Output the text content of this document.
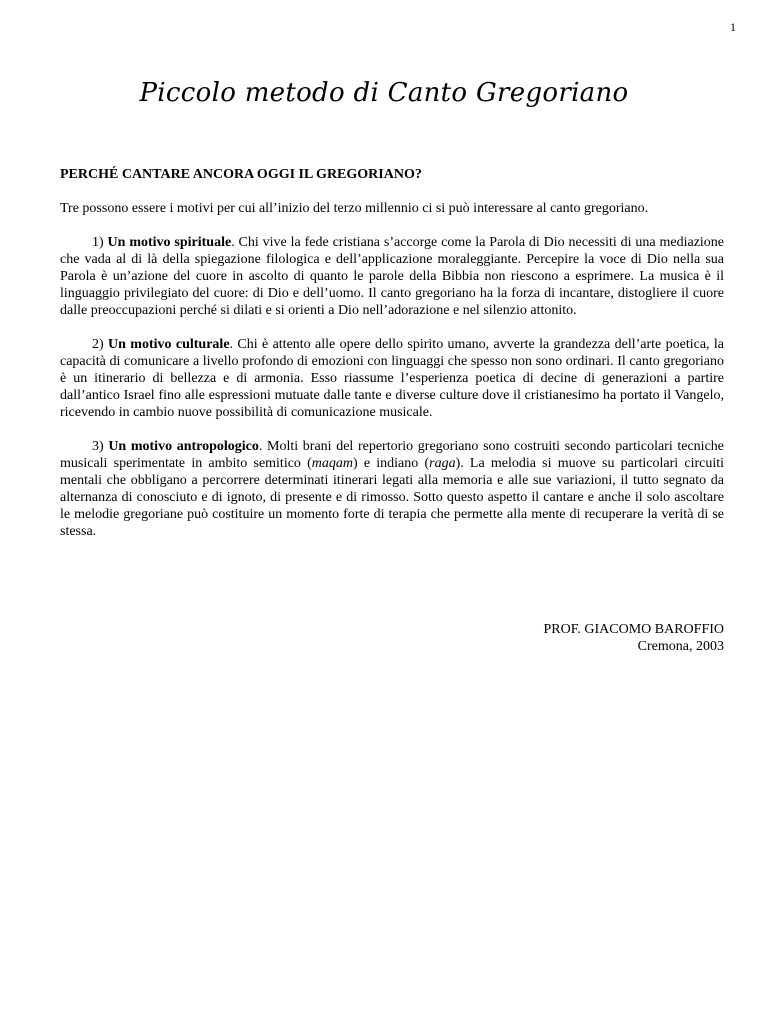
1
Piccolo metodo di Canto Gregoriano

PERCHÉ CANTARE ANCORA OGGI IL GREGORIANO?

Tre possono essere i motivi per cui all’inizio del terzo millennio ci si può interessare al canto gregoriano.

1) Un motivo spirituale. Chi vive la fede cristiana s’accorge come la Parola di Dio necessiti di una mediazione che vada al di là della spiegazione filologica e dell’applicazione moraleggiante. Percepire la voce di Dio nella sua Parola è un’azione del cuore in ascolto di quanto le parole della Bibbia non riescono a esprimere. La musica è il linguaggio privilegiato del cuore: di Dio e dell’uomo. Il canto gregoriano ha la forza di incantare, distogliere il cuore dalle preoccupazioni perché si dilati e si orienti a Dio nell’adorazione e nel silenzio attonito.

2) Un motivo culturale. Chi è attento alle opere dello spirito umano, avverte la grandezza dell’arte poetica, la capacità di comunicare a livello profondo di emozioni con linguaggi che spesso non sono ordinari. Il canto gregoriano è un itinerario di bellezza e di armonia. Esso riassume l’esperienza poetica di decine di generazioni a partire dall’antico Israel fino alle espressioni mutuate dalle tante e diverse culture dove il cristianesimo ha portato il Vangelo, ricevendo in cambio nuove possibilità di comunicazione musicale.

3) Un motivo antropologico. Molti brani del repertorio gregoriano sono costruiti secondo particolari tecniche musicali sperimentate in ambito semitico (maqam) e indiano (raga). La melodia si muove su particolari circuiti mentali che obbligano a percorrere determinati itinerari legati alla memoria e alle sue variazioni, il tutto segnato da alternanza di conosciuto e di ignoto, di presente e di rimosso. Sotto questo aspetto il cantare e anche il solo ascoltare le melodie gregoriane può costituire un momento forte di terapia che permette alla mente di recuperare la verità di se stessa.

PROF. GIACOMO BAROFFIO
Cremona, 2003
